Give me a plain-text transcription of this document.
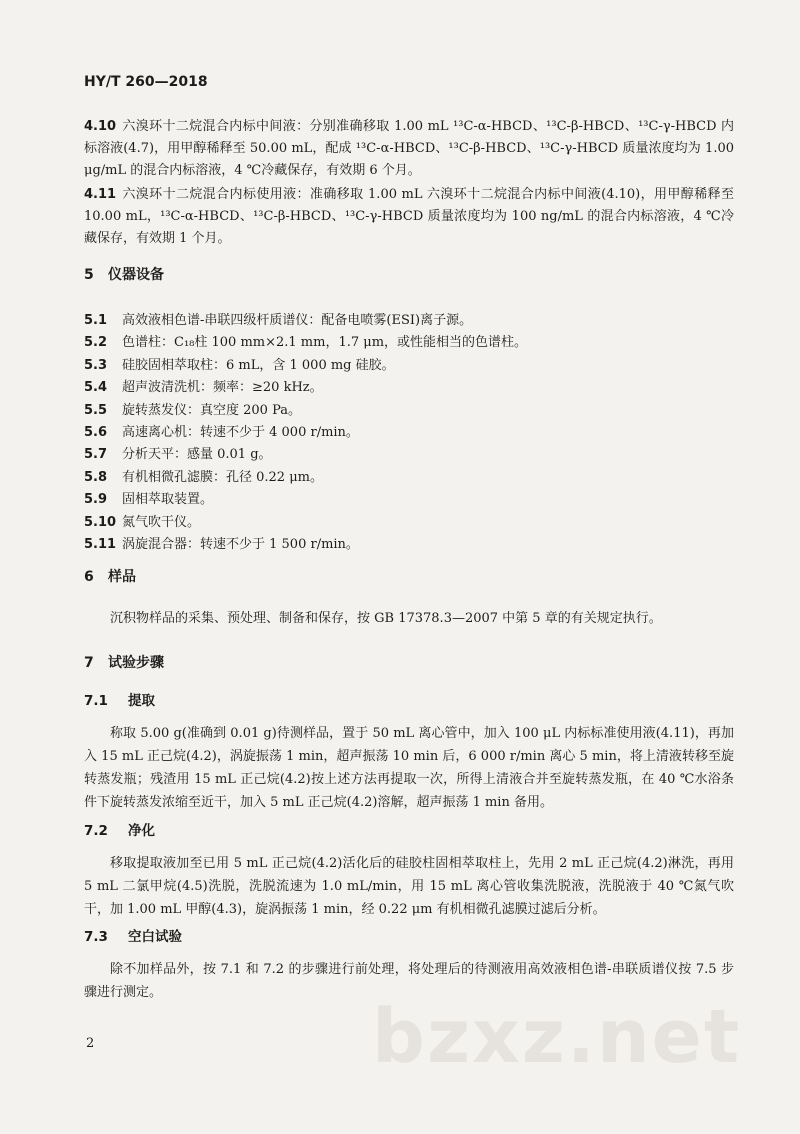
HY/T 260—2018

4.10 六溴环十二烷混合内标中间液：分别准确移取 1.00 mL ¹³C-α-HBCD、¹³C-β-HBCD、¹³C-γ-HBCD 内标溶液(4.7)，用甲醇稀释至 50.00 mL，配成 ¹³C-α-HBCD、¹³C-β-HBCD、¹³C-γ-HBCD 质量浓度均为 1.00 μg/mL 的混合内标溶液，4 ℃冷藏保存，有效期 6 个月。

4.11 六溴环十二烷混合内标使用液：准确移取 1.00 mL 六溴环十二烷混合内标中间液(4.10)，用甲醇稀释至 10.00 mL，¹³C-α-HBCD、¹³C-β-HBCD、¹³C-γ-HBCD 质量浓度均为 100 ng/mL 的混合内标溶液，4 ℃冷藏保存，有效期 1 个月。

5 仪器设备

5.1 高效液相色谱-串联四级杆质谱仪：配备电喷雾(ESI)离子源。

5.2 色谱柱：C₁₈柱 100 mm×2.1 mm，1.7 μm，或性能相当的色谱柱。

5.3 硅胶固相萃取柱：6 mL，含 1 000 mg 硅胶。

5.4 超声波清洗机：频率：≥20 kHz。

5.5 旋转蒸发仪：真空度 200 Pa。

5.6 高速离心机：转速不少于 4 000 r/min。

5.7 分析天平：感量 0.01 g。

5.8 有机相微孔滤膜：孔径 0.22 μm。

5.9 固相萃取装置。

5.10 氮气吹干仪。

5.11 涡旋混合器：转速不少于 1 500 r/min。

6 样品

沉积物样品的采集、预处理、制备和保存，按 GB 17378.3—2007 中第 5 章的有关规定执行。

7 试验步骤

7.1 提取

称取 5.00 g(准确到 0.01 g)待测样品，置于 50 mL 离心管中，加入 100 μL 内标标准使用液(4.11)，再加入 15 mL 正己烷(4.2)，涡旋振荡 1 min，超声振荡 10 min 后，6 000 r/min 离心 5 min，将上清液转移至旋转蒸发瓶；残渣用 15 mL 正己烷(4.2)按上述方法再提取一次，所得上清液合并至旋转蒸发瓶，在 40 ℃水浴条件下旋转蒸发浓缩至近干，加入 5 mL 正己烷(4.2)溶解，超声振荡 1 min 备用。

7.2 净化

移取提取液加至已用 5 mL 正己烷(4.2)活化后的硅胶柱固相萃取柱上，先用 2 mL 正己烷(4.2)淋洗，再用 5 mL 二氯甲烷(4.5)洗脱，洗脱流速为 1.0 mL/min，用 15 mL 离心管收集洗脱液，洗脱液于 40 ℃氮气吹干，加 1.00 mL 甲醇(4.3)，旋涡振荡 1 min，经 0.22 μm 有机相微孔滤膜过滤后分析。

7.3 空白试验

除不加样品外，按 7.1 和 7.2 的步骤进行前处理，将处理后的待测液用高效液相色谱-串联质谱仪按 7.5 步骤进行测定。

bzxz.net
2
